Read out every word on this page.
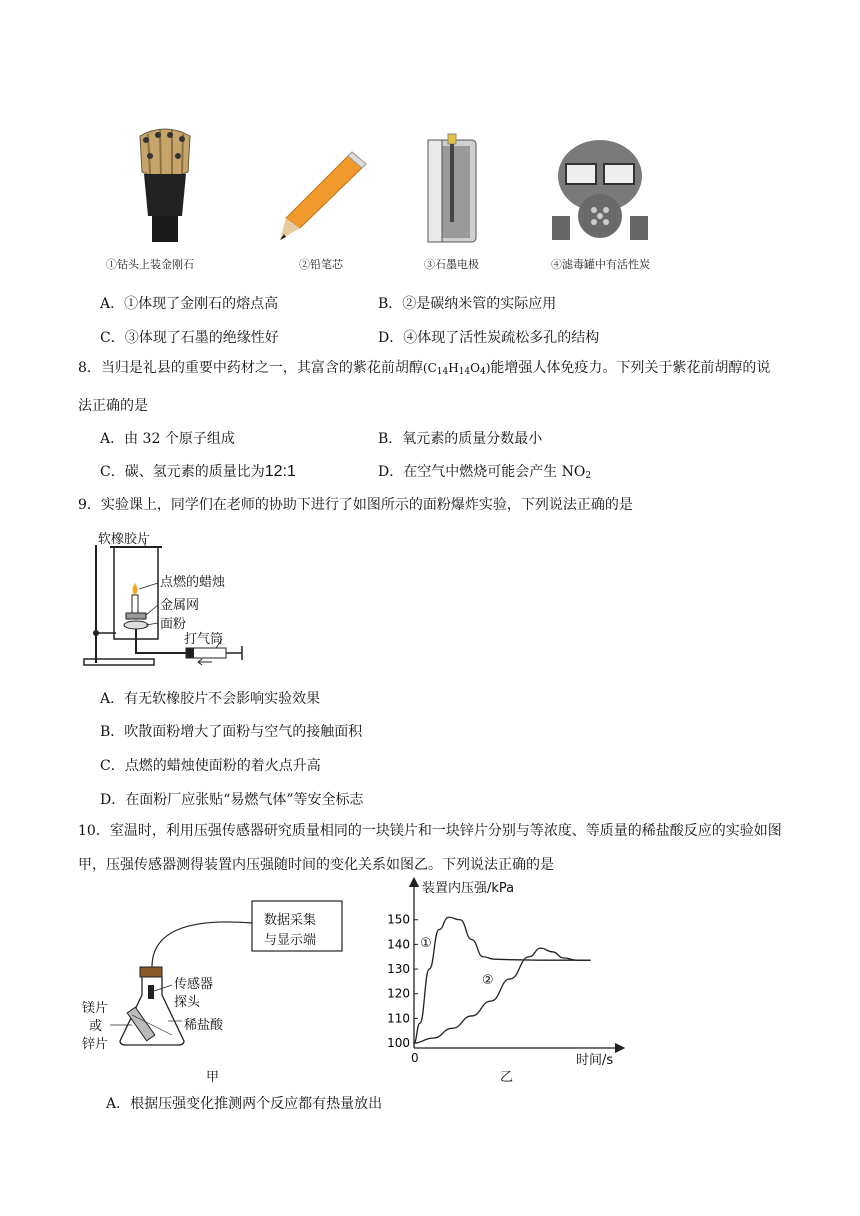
①钻头上装金刚石	②铅笔芯	③石墨电极	④滤毒罐中有活性炭
A．①体现了金刚石的熔点高	B．②是碳纳米管的实际应用
C．③体现了石墨的绝缘性好	D．④体现了活性炭疏松多孔的结构
8．当归是礼县的重要中药材之一，其富含的紫花前胡醇$(C_{14}H_{14}O_4)$能增强人体免疫力。下列关于紫花前胡醇的说法正确的是
A．由 32 个原子组成	B．氧元素的质量分数最小
C．碳、氢元素的质量比为12:1	D．在空气中燃烧可能会产生 $NO_2$
9．实验课上，同学们在老师的协助下进行了如图所示的面粉爆炸实验，下列说法正确的是
软橡胶片
点燃的蜡烛
金属网
面粉
打气筒
A．有无软橡胶片不会影响实验效果
B．吹散面粉增大了面粉与空气的接触面积
C．点燃的蜡烛使面粉的着火点升高
D．在面粉厂应张贴“易燃气体”等安全标志
10．室温时，利用压强传感器研究质量相同的一块镁片和一块锌片分别与等浓度、等质量的稀盐酸反应的实验如图甲，压强传感器测得装置内压强随时间的变化关系如图乙。下列说法正确的是
数据采集
与显示端
传感器
探头
稀盐酸
镁片
或
锌片
甲
100
110
120
130
140
150
装置内压强/kPa
时间/s
0
①
②
乙
A．根据压强变化推测两个反应都有热量放出
